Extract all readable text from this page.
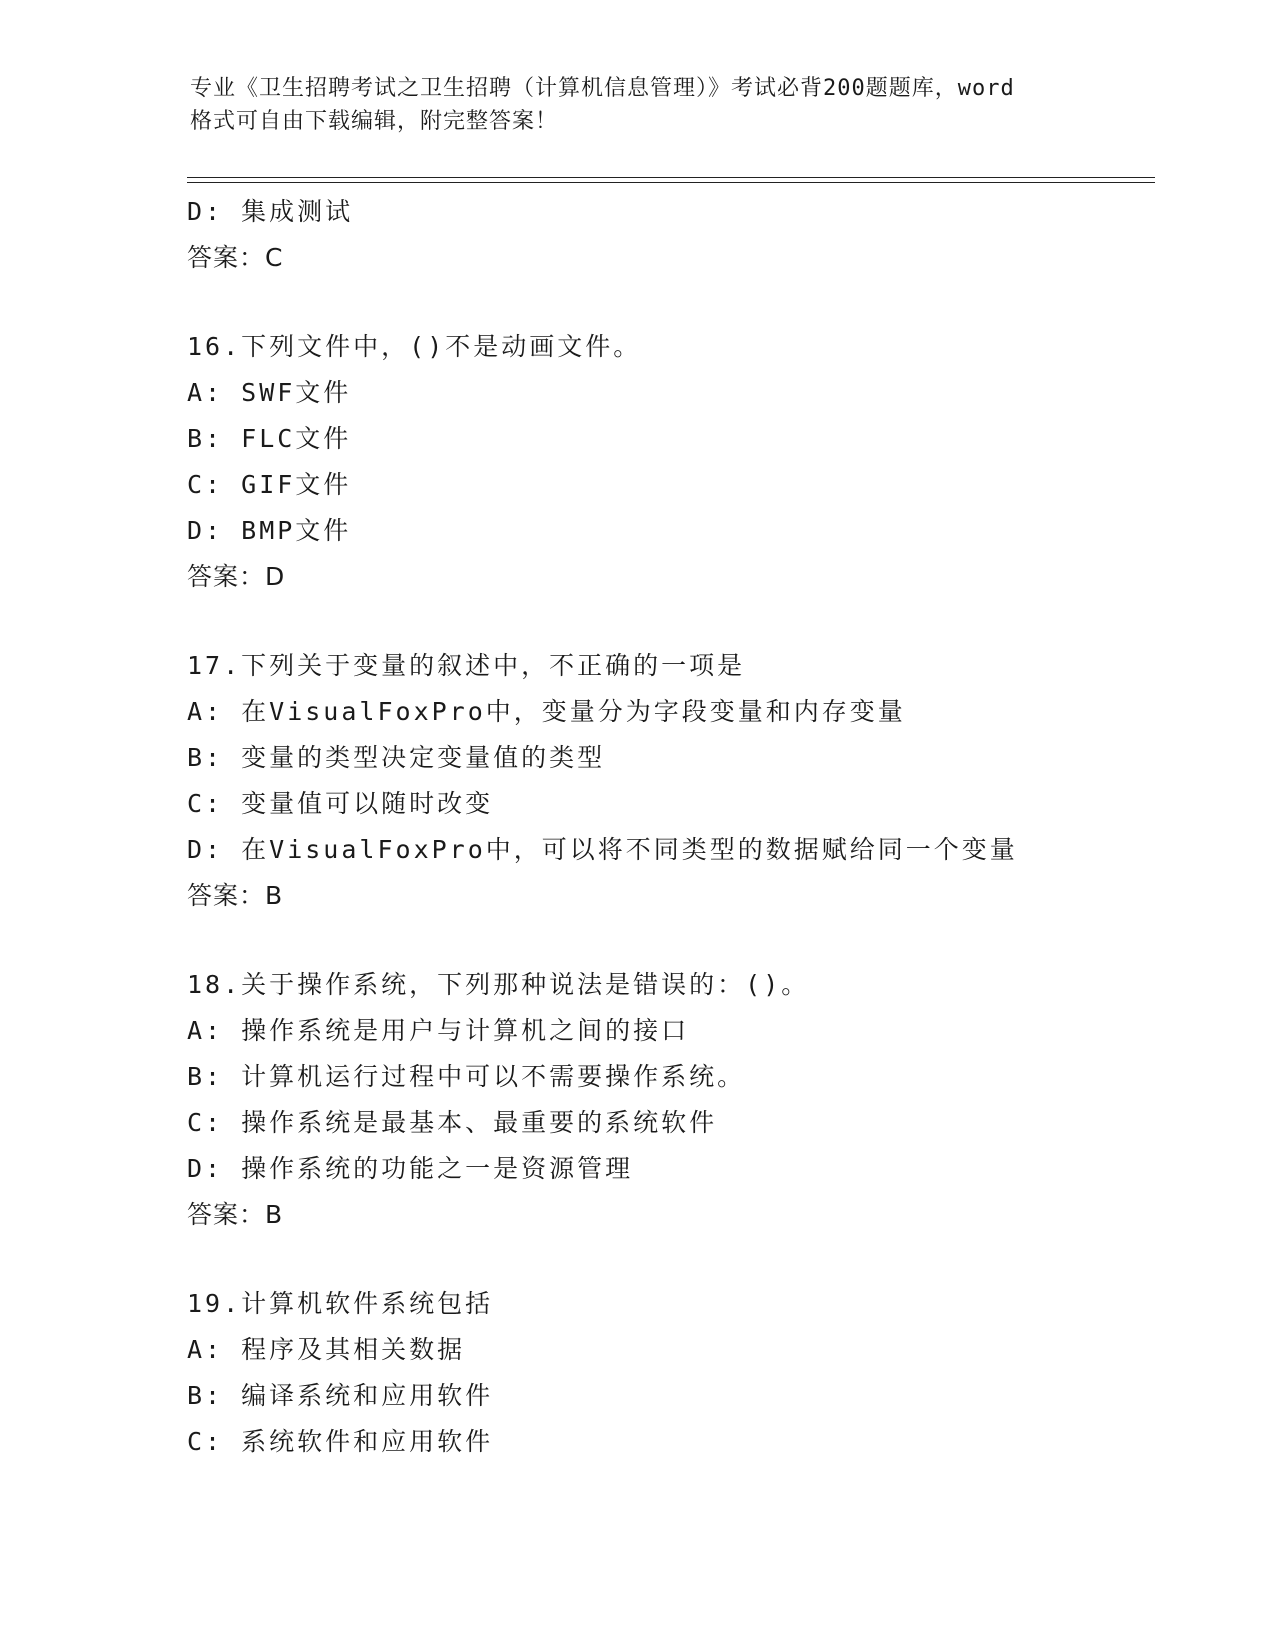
专业《卫生招聘考试之卫生招聘（计算机信息管理）》考试必背200题题库，word
格式可自由下载编辑，附完整答案！
D: 集成测试
答案：C
16.下列文件中，()不是动画文件。
A: SWF文件
B: FLC文件
C: GIF文件
D: BMP文件
答案：D
17.下列关于变量的叙述中，不正确的一项是
A: 在VisualFoxPro中，变量分为字段变量和内存变量
B: 变量的类型决定变量值的类型
C: 变量值可以随时改变
D: 在VisualFoxPro中，可以将不同类型的数据赋给同一个变量
答案：B
18.关于操作系统，下列那种说法是错误的：()。
A: 操作系统是用户与计算机之间的接口
B: 计算机运行过程中可以不需要操作系统。
C: 操作系统是最基本、最重要的系统软件
D: 操作系统的功能之一是资源管理
答案：B
19.计算机软件系统包括
A: 程序及其相关数据
B: 编译系统和应用软件
C: 系统软件和应用软件
